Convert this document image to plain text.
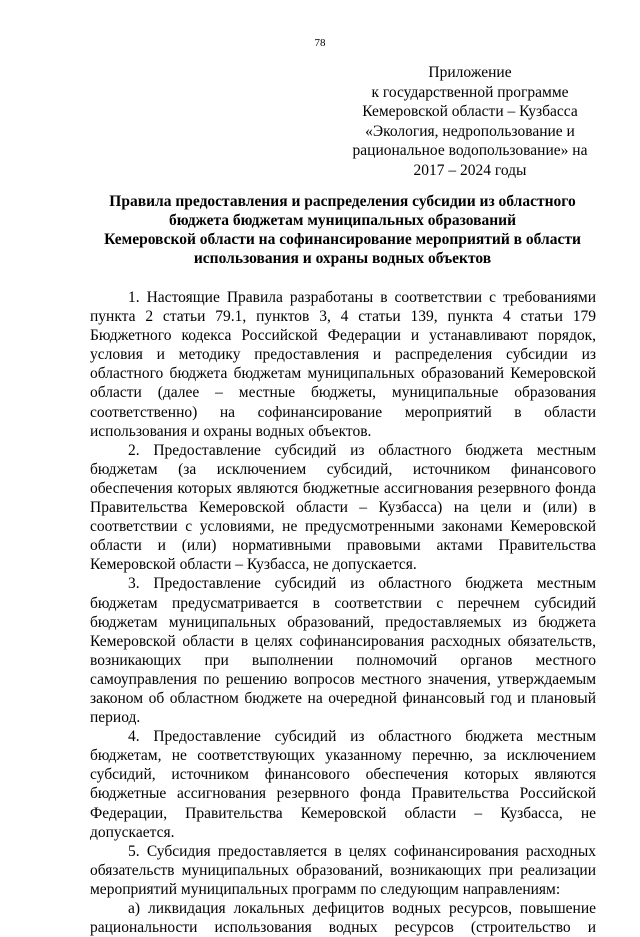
78
Приложение
к государственной программе
Кемеровской области – Кузбасса
«Экология, недропользование и
рациональное водопользование» на
2017 – 2024 годы
Правила предоставления и распределения субсидии из областного
бюджета бюджетам муниципальных образований
Кемеровской области на софинансирование мероприятий в области
использования и охраны водных объектов

1. Настоящие Правила разработаны в соответствии с требованиями пункта 2 статьи 79.1, пунктов 3, 4 статьи 139, пункта 4 статьи 179 Бюджетного кодекса Российской Федерации и устанавливают порядок, условия и методику предоставления и распределения субсидии из областного бюджета бюджетам муниципальных образований Кемеровской области (далее – местные бюджеты, муниципальные образования соответственно) на софинансирование мероприятий в области использования и охраны водных объектов.

2. Предоставление субсидий из областного бюджета местным бюджетам (за исключением субсидий, источником финансового обеспечения которых являются бюджетные ассигнования резервного фонда Правительства Кемеровской области – Кузбасса) на цели и (или) в соответствии с условиями, не предусмотренными законами Кемеровской области и (или) нормативными правовыми актами Правительства Кемеровской области – Кузбасса, не допускается.

3. Предоставление субсидий из областного бюджета местным бюджетам предусматривается в соответствии с перечнем субсидий бюджетам муниципальных образований, предоставляемых из бюджета Кемеровской области в целях софинансирования расходных обязательств, возникающих при выполнении полномочий органов местного самоуправления по решению вопросов местного значения, утверждаемым законом об областном бюджете на очередной финансовый год и плановый период.

4. Предоставление субсидий из областного бюджета местным бюджетам, не соответствующих указанному перечню, за исключением субсидий, источником финансового обеспечения которых являются бюджетные ассигнования резервного фонда Правительства Российской Федерации, Правительства Кемеровской области – Кузбасса, не допускается.

5. Субсидия предоставляется в целях софинансирования расходных обязательств муниципальных образований, возникающих при реализации мероприятий муниципальных программ по следующим направлениям:

а) ликвидация локальных дефицитов водных ресурсов, повышение рациональности использования водных ресурсов (строительство и
